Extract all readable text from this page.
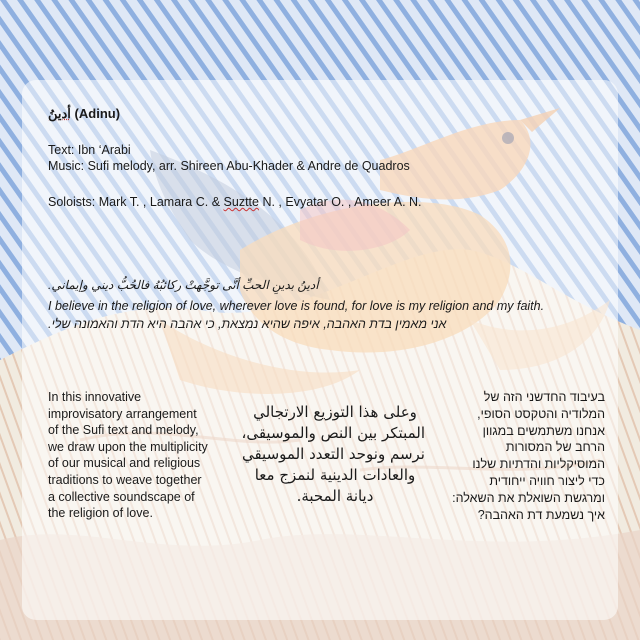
أدينُ (Adinu)
Text: Ibn ‘Arabi
Music: Sufi melody, arr. Shireen Abu-Khader & Andre de Quadros
Soloists: Mark T. , Lamara C. & Suztte N. , Evyatar O. , Ameer A. N.
أدينُ بدينِ الحبِّ أنَّى توجَّهتْ ركائبُهُ فالحُبُّ ديني وإيماني.
I believe in the religion of love, wherever love is found, for love is my religion and my faith.
אני מאמין בדת האהבה, איפה שהיא נמצאת, כי אהבה היא הדת והאמונה שלי.
In this innovative
improvisatory arrangement
of the Sufi text and melody,
we draw upon the multiplicity
of our musical and religious
traditions to weave together
a collective soundscape of
the religion of love.
وعلى هذا التوزيع الارتجالي
المبتكر بين النص والموسيقى،
نرسم ونوحد التعدد الموسيقي
والعادات الدينية لنمزج معا
ديانة المحبة.
בעיבוד החדשני הזה של
המלודיה והטקסט הסופי,
אנחנו משתמשים במגוון
הרחב של המסורות
המוסיקליות והדתיות שלנו
כדי ליצור חוויה ייחודית
ומרגשת השואלת את השאלה:
איך נשמעת דת האהבה?
